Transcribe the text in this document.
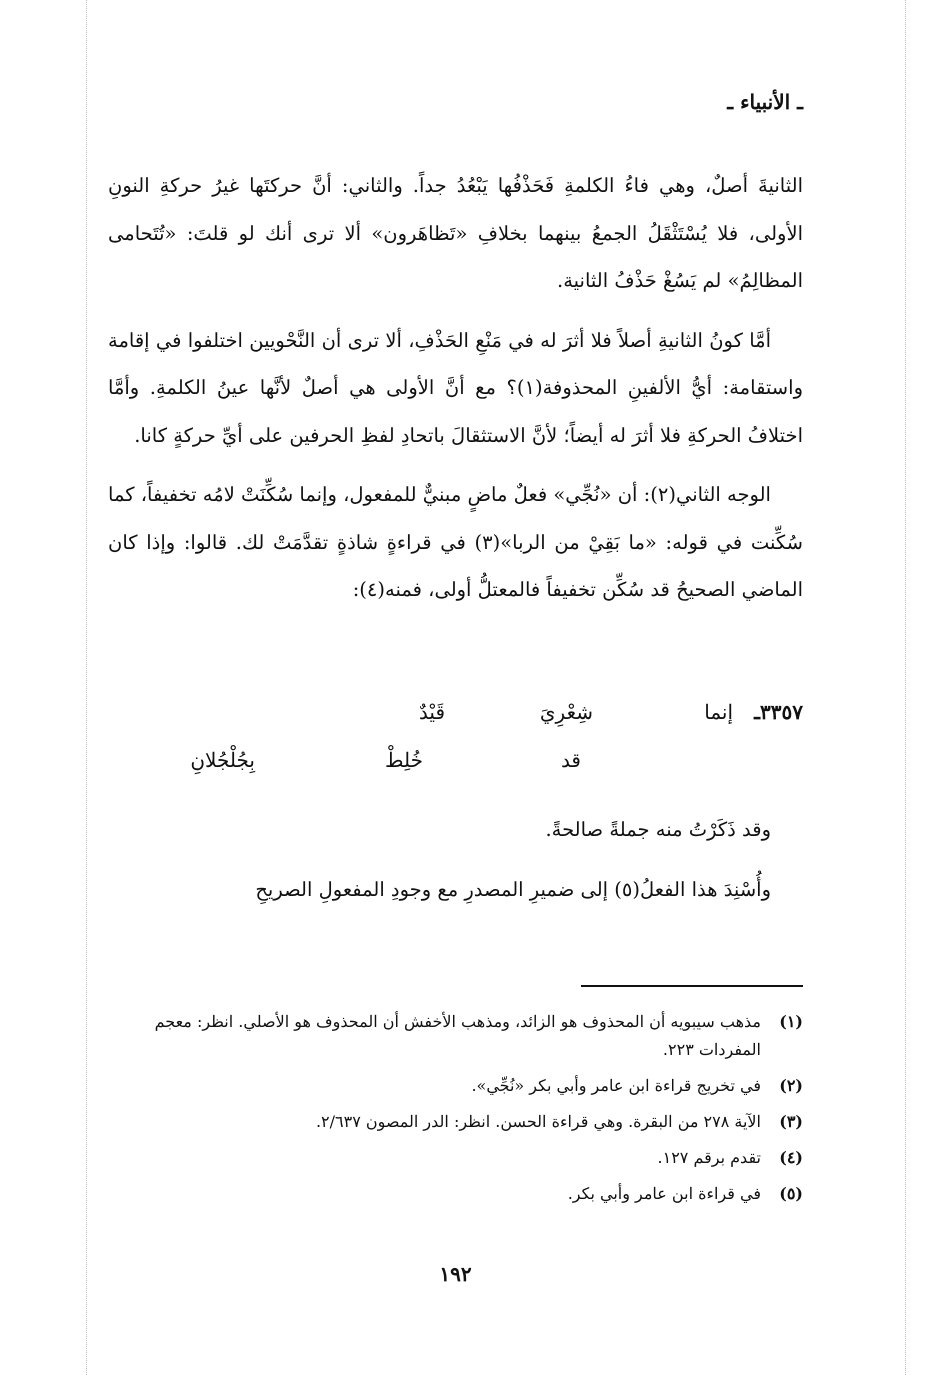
ـ الأنبياء ـ

الثانيةَ أصلٌ، وهي فاءُ الكلمةِ فَحَذْفُها يَبْعُدُ جداً. والثاني: أنَّ حركتَها غيرُ حركةِ النونِ الأولى، فلا يُسْتَثْقَلُ الجمعُ بينهما بخلافِ «تَظاهَرون» ألا ترى أنك لو قلتَ: «تُتَحامى المظالِمُ» لم يَسُغْ حَذْفُ الثانية.

أمَّا كونُ الثانيةِ أصلاً فلا أثرَ له في مَنْعِ الحَذْفِ، ألا ترى أن النَّحْويين اختلفوا في إقامة واستقامة: أيُّ الألفينِ المحذوفة(١)؟ مع أنَّ الأولى هي أصلٌ لأنَّها عينُ الكلمةِ. وأمَّا اختلافُ الحركةِ فلا أثرَ له أيضاً؛ لأنَّ الاستثقالَ باتحادِ لفظِ الحرفين على أيِّ حركةٍ كانا.

الوجه الثاني(٢): أن «نُجِّي» فعلٌ ماضٍ مبنيٌّ للمفعول، وإنما سُكِّنَتْ لامُه تخفيفاً، كما سُكِّنت في قوله: «ما بَقِيْ من الربا»(٣) في قراءةٍ شاذةٍ تقدَّمَتْ لك. قالوا: وإذا كان الماضي الصحيحُ قد سُكِّن تخفيفاً فالمعتلُّ أولى، فمنه(٤):

٣٣٥٧ـ
إنما
شِعْرِيَ
قَيْدٌ
قد
خُلِطْ
بِجُلْجُلانِ

وقد ذَكَرْتُ منه جملةً صالحةً.

وأُسْنِدَ هذا الفعلُ(٥) إلى ضميرِ المصدرِ مع وجودِ المفعولِ الصريحِ

(١)
مذهب سيبويه أن المحذوف هو الزائد، ومذهب الأخفش أن المحذوف هو الأصلي. انظر: معجم المفردات ٢٢٣.
(٢)
في تخريج قراءة ابن عامر وأبي بكر «نُجِّي».
(٣)
الآية ٢٧٨ من البقرة. وهي قراءة الحسن. انظر: الدر المصون ٢/٦٣٧.
(٤)
تقدم برقم ١٢٧.
(٥)
في قراءة ابن عامر وأبي بكر.
١٩٢
